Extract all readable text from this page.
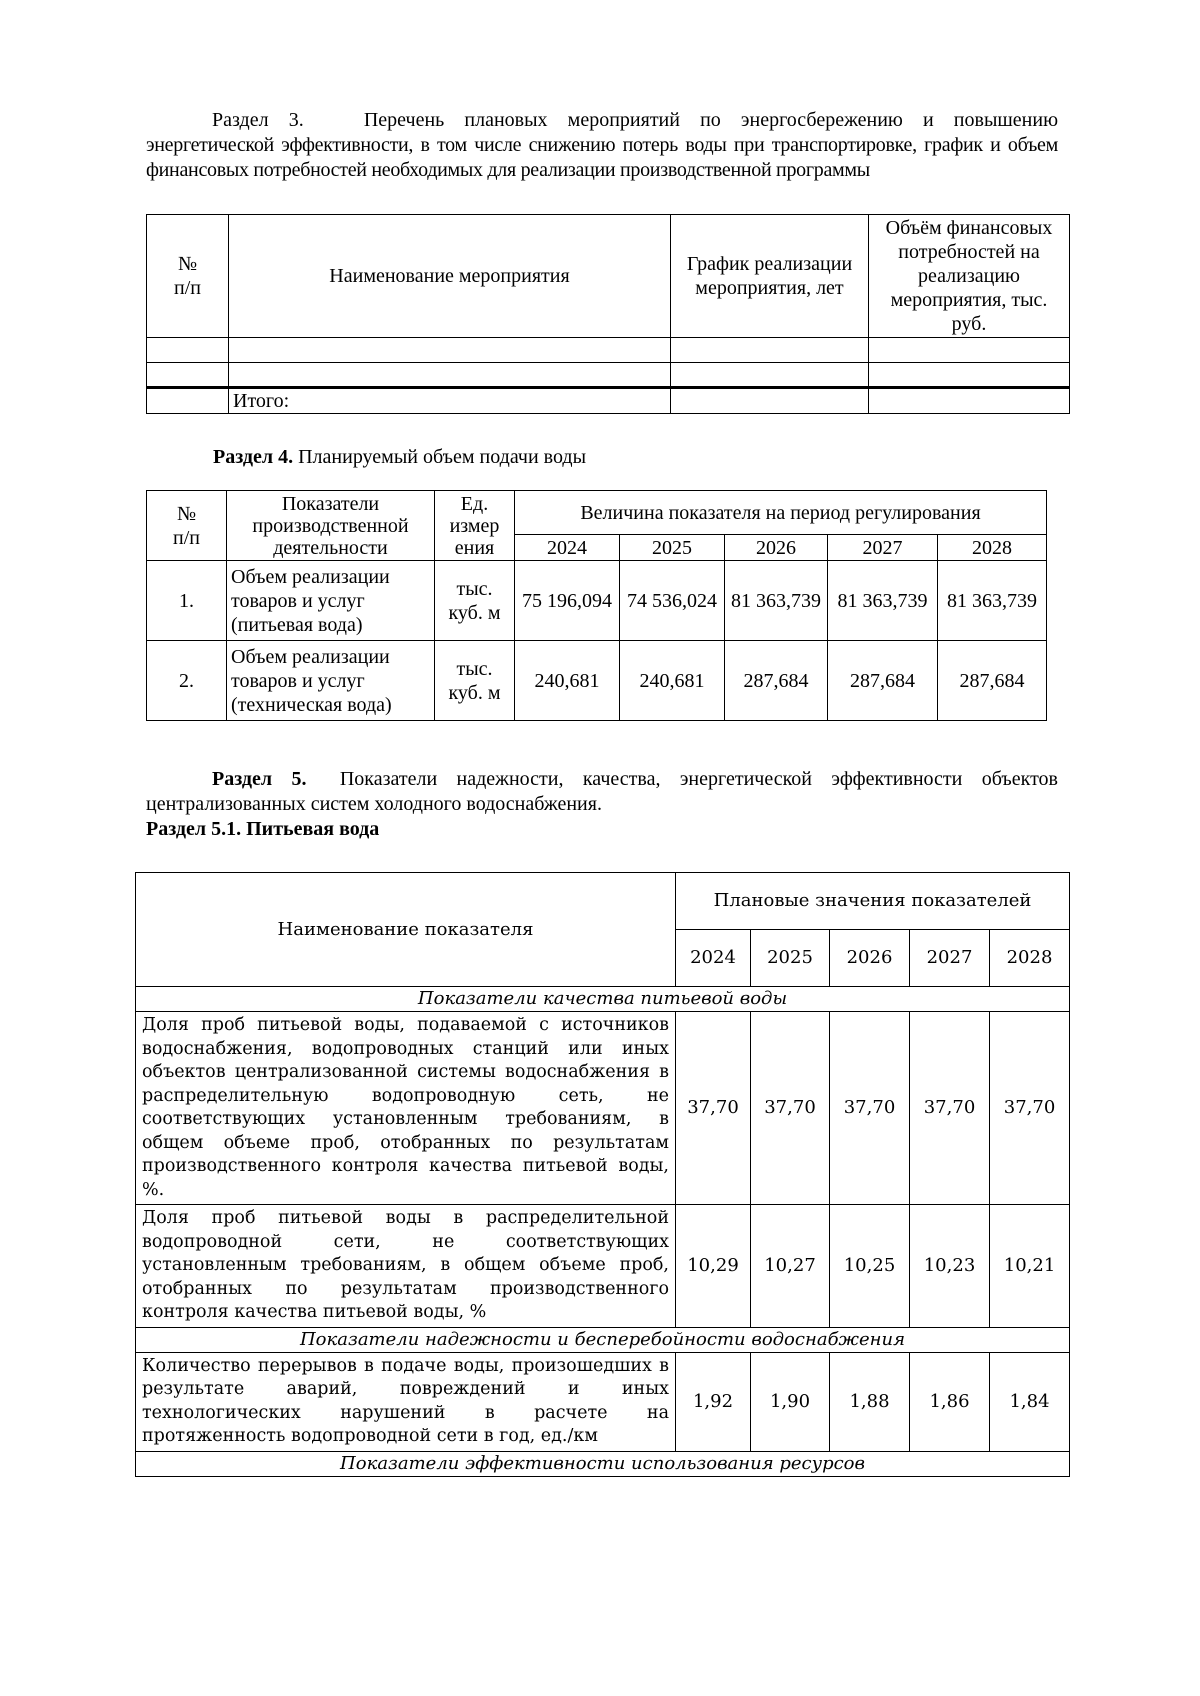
Раздел 3.	Перечень плановых мероприятий по энергосбережению и повышению
энергетической эффективности, в том числе снижению потерь воды при транспортировке, график и объем
финансовых потребностей необходимых для реализации производственной программы
№ п/п	Наименование мероприятия	График реализации мероприятия, лет	Объём финансовых потребностей на реализацию мероприятия, тыс. руб.

	Итого:		
Раздел 4. Планируемый объем подачи воды
№ п/п	Показатели производственной деятельности	Ед. измер ения	Величина показателя на период регулирования				
			2024	2025	2026	2027	2028
1.	Объем реализации товаров и услуг (питьевая вода)	тыс. куб. м	75 196,094	74 536,024	81 363,739	81 363,739	81 363,739
2.	Объем реализации товаров и услуг (техническая вода)	тыс. куб. м	240,681	240,681	287,684	287,684	287,684
Раздел 5. Показатели надежности, качества, энергетической эффективности объектов
централизованных систем холодного водоснабжения.
Раздел 5.1. Питьевая вода
Наименование показателя	Плановые значения показателей				
	2024	2025	2026	2027	2028
Показатели качества питьевой воды					
Доля проб питьевой воды, подаваемой с источников водоснабжения, водопроводных станций или иных объектов централизованной системы водоснабжения в распределительную водопроводную сеть, не соответствующих установленным требованиям, в общем объеме проб, отобранных по результатам производственного контроля качества питьевой воды, %.	37,70	37,70	37,70	37,70	37,70
Доля проб питьевой воды в распределительной водопроводной сети, не соответствующих установленным требованиям, в общем объеме проб, отобранных по результатам производственного контроля качества питьевой воды, %	10,29	10,27	10,25	10,23	10,21
Показатели надежности и бесперебойности водоснабжения					
Количество перерывов в подаче воды, произошедших в результате аварий, повреждений и иных технологических нарушений в расчете на протяженность водопроводной сети в год, ед./км	1,92	1,90	1,88	1,86	1,84
Показатели эффективности использования ресурсов					
